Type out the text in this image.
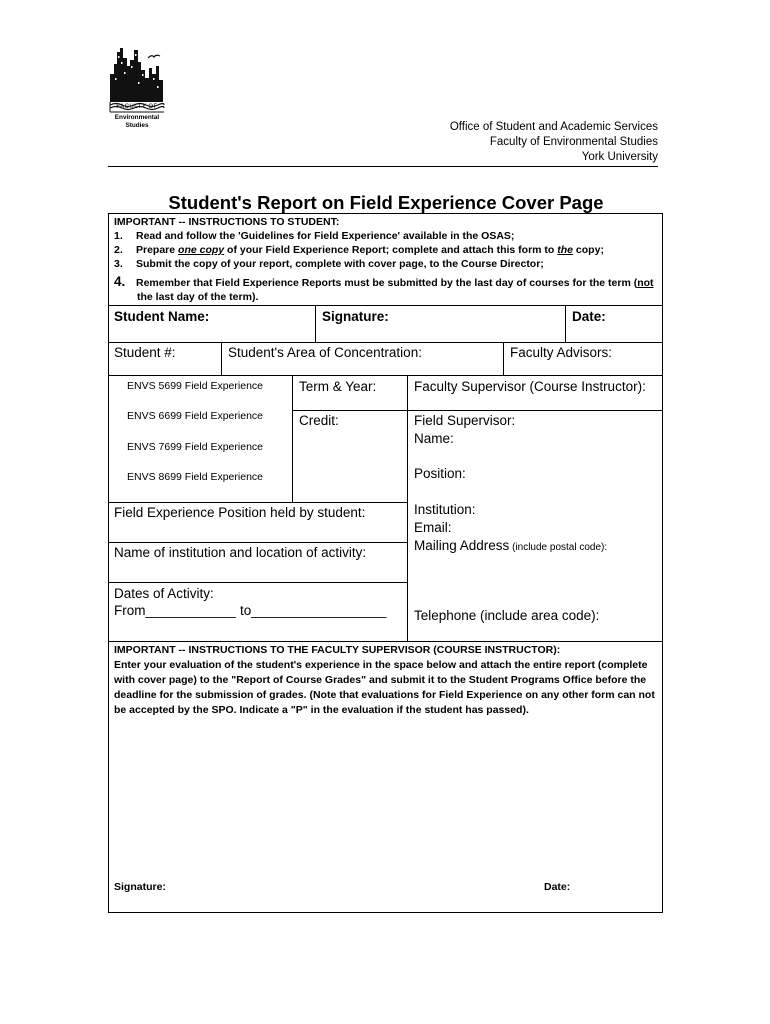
FACULTY OF
Environmental
Studies	Office of Student and Academic Services
Faculty of Environmental Studies
York University
Student's Report on Field Experience Cover Page
IMPORTANT -- INSTRUCTIONS TO STUDENT:
1. Read and follow the 'Guidelines for Field Experience' available in the OSAS;
2. Prepare one copy of your Field Experience Report; complete and attach this form to the copy;
3. Submit the copy of your report, complete with cover page, to the Course Director;
4. Remember that Field Experience Reports must be submitted by the last day of courses for the term (not
the last day of the term).
Student Name:	Signature:	Date:
Student #:	Student's Area of Concentration:	Faculty Advisors:
ENVS 5699 Field Experience
ENVS 6699 Field Experience
ENVS 7699 Field Experience
ENVS 8699 Field Experience
Term & Year:
Credit:
Faculty Supervisor (Course Instructor):
Field Supervisor:
Name:
Position:
Institution:
Email:
Mailing Address (include postal code):
Telephone (include area code):
Field Experience Position held by student:
Name of institution and location of activity:
Dates of Activity:
From____________ to__________________
IMPORTANT -- INSTRUCTIONS TO THE FACULTY SUPERVISOR (COURSE INSTRUCTOR):
Enter your evaluation of the student's experience in the space below and attach the entire report (complete
with cover page) to the "Report of Course Grades" and submit it to the Student Programs Office before the
deadline for the submission of grades. (Note that evaluations for Field Experience on any other form can not
be accepted by the SPO. Indicate a "P" in the evaluation if the student has passed).
Signature:	Date:
